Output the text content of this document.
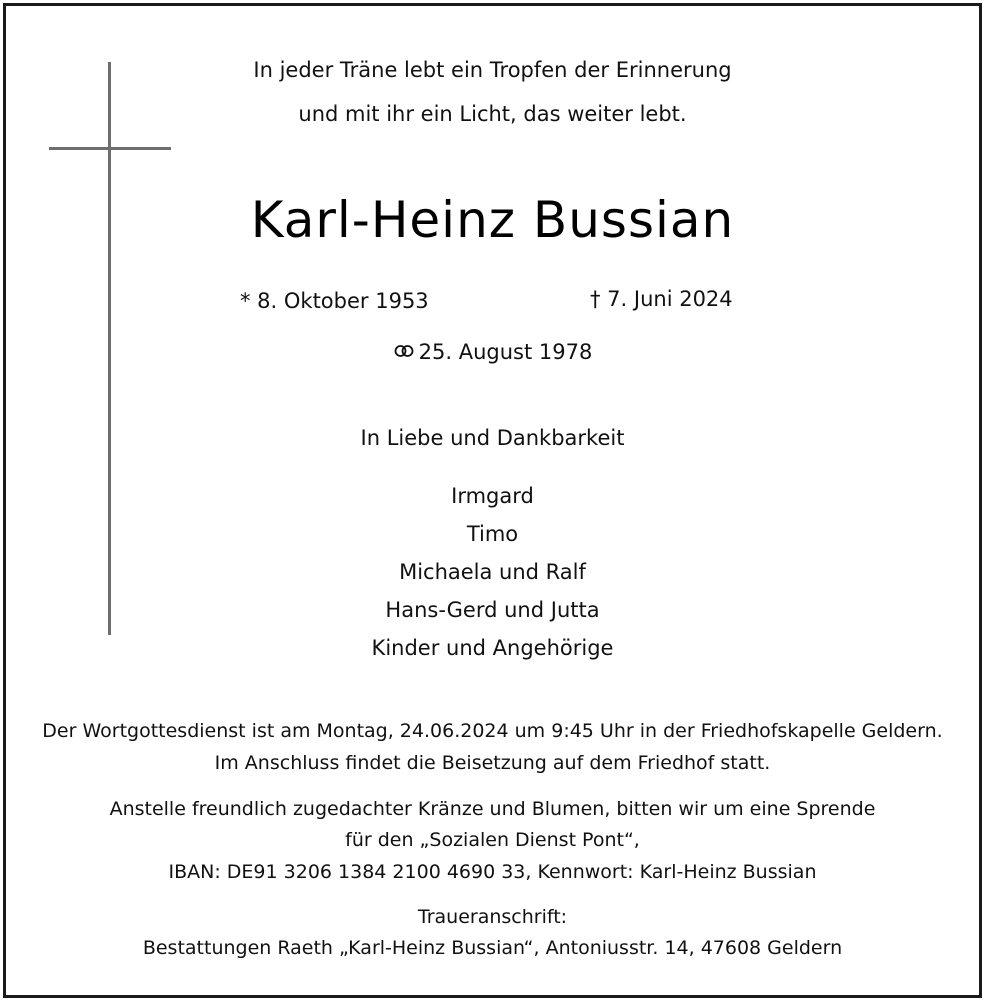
In jeder Träne lebt ein Tropfen der Erinnerung
und mit ihr ein Licht, das weiter lebt.
Karl-Heinz Bussian
* 8. Oktober 1953	† 7. Juni 2024
25. August 1978
In Liebe und Dankbarkeit
Irmgard
Timo
Michaela und Ralf
Hans-Gerd und Jutta
Kinder und Angehörige
Der Wortgottesdienst ist am Montag, 24.06.2024 um 9:45 Uhr in der Friedhofskapelle Geldern.
Im Anschluss findet die Beisetzung auf dem Friedhof statt.
Anstelle freundlich zugedachter Kränze und Blumen, bitten wir um eine Sprende
für den „Sozialen Dienst Pont“,
IBAN: DE91 3206 1384 2100 4690 33, Kennwort: Karl-Heinz Bussian
Traueranschrift:
Bestattungen Raeth „Karl-Heinz Bussian“, Antoniusstr. 14, 47608 Geldern
